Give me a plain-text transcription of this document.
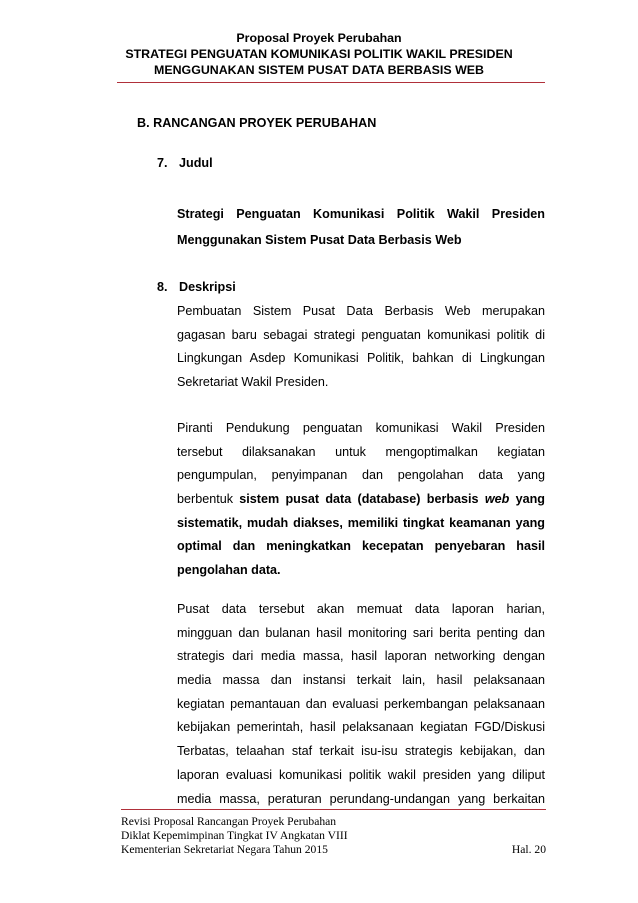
Proposal Proyek Perubahan
STRATEGI PENGUATAN KOMUNIKASI POLITIK WAKIL PRESIDEN
MENGGUNAKAN SISTEM PUSAT DATA BERBASIS WEB
B. RANCANGAN PROYEK PERUBAHAN
7. Judul
Strategi Penguatan Komunikasi Politik Wakil Presiden
Menggunakan Sistem Pusat Data Berbasis Web
8. Deskripsi
Pembuatan Sistem Pusat Data Berbasis Web merupakan
gagasan baru sebagai strategi penguatan komunikasi politik di
Lingkungan Asdep Komunikasi Politik, bahkan di Lingkungan
Sekretariat Wakil Presiden.
Piranti Pendukung penguatan komunikasi Wakil Presiden
tersebut dilaksanakan untuk mengoptimalkan kegiatan
pengumpulan, penyimpanan dan pengolahan data yang
berbentuk sistem pusat data (database) berbasis web yang
sistematik, mudah diakses, memiliki tingkat keamanan yang
optimal dan meningkatkan kecepatan penyebaran hasil
pengolahan data.
Pusat data tersebut akan memuat data laporan harian,
mingguan dan bulanan hasil monitoring sari berita penting dan
strategis dari media massa, hasil laporan networking dengan
media massa dan instansi terkait lain, hasil pelaksanaan
kegiatan pemantauan dan evaluasi perkembangan pelaksanaan
kebijakan pemerintah, hasil pelaksanaan kegiatan FGD/Diskusi
Terbatas, telaahan staf terkait isu-isu strategis kebijakan, dan
laporan evaluasi komunikasi politik wakil presiden yang diliput
media massa, peraturan perundang-undangan yang berkaitan
Revisi Proposal Rancangan Proyek Perubahan
Diklat Kepemimpinan Tingkat IV Angkatan VIII
Kementerian Sekretariat Negara Tahun 2015	Hal. 20
